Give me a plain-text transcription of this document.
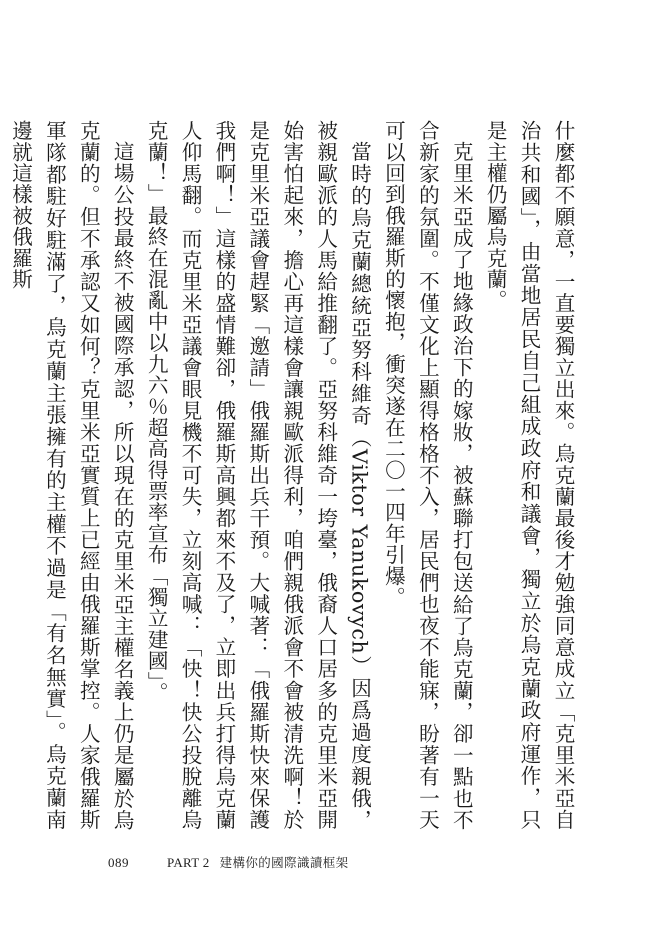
什麼都不願意，一直要獨立出來。烏克蘭最後才勉強同意成立「克里米亞自治共和國」，由當地居民自己組成政府和議會，獨立於烏克蘭政府運作，只是主權仍屬烏克蘭。

克里米亞成了地緣政治下的嫁妝，被蘇聯打包送給了烏克蘭，卻一點也不合新家的氛圍。不僅文化上顯得格格不入，居民們也夜不能寐，盼著有一天可以回到俄羅斯的懷抱，衝突遂在二〇一四年引爆。

當時的烏克蘭總統亞努科維奇（Viktor Yanukovych）因爲過度親俄，被親歐派的人馬給推翻了。亞努科維奇一垮臺，俄裔人口居多的克里米亞開始害怕起來，擔心再這樣會讓親歐派得利，咱們親俄派會不會被清洗啊！於是克里米亞議會趕緊「邀請」俄羅斯出兵干預。大喊著：「俄羅斯快來保護我們啊！」這樣的盛情難卻，俄羅斯高興都來不及了，立即出兵打得烏克蘭人仰馬翻。而克里米亞議會眼見機不可失，立刻高喊：「快！快公投脫離烏克蘭！」最終在混亂中以九六％超高得票率宣布「獨立建國」。

這場公投最終不被國際承認，所以現在的克里米亞主權名義上仍是屬於烏克蘭的。但不承認又如何？克里米亞實質上已經由俄羅斯掌控。人家俄羅斯軍隊都駐好駐滿了，烏克蘭主張擁有的主權不過是「有名無實」。烏克蘭南邊就這樣被俄羅斯

089	PART 2 建構你的國際識讀框架
